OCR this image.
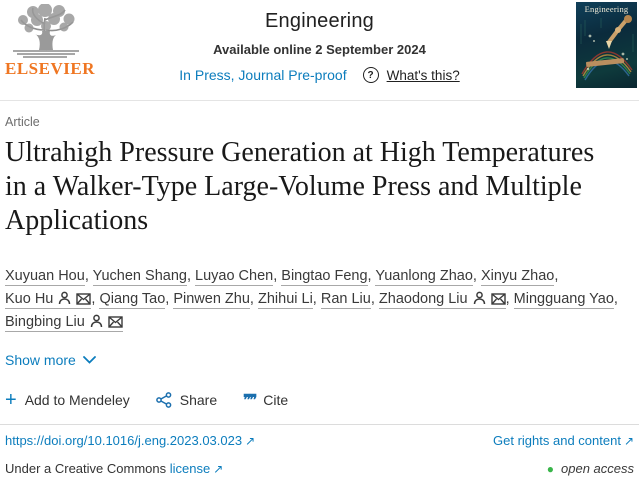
ELSEVIER
Engineering
Available online 2 September 2024
In Press, Journal Pre-proof	? What's this?
Engineering
Article
Ultrahigh Pressure Generation at High Temperatures in a Walker-Type Large-Volume Press and Multiple Applications
Xuyuan Hou, Yuchen Shang, Luyao Chen, Bingtao Feng, Yuanlong Zhao, Xinyu Zhao, Kuo Hu	, Qiang Tao, Pinwen Zhu, Zhihui Li, Ran Liu, Zhaodong Liu	, Mingguang Yao, Bingbing Liu
Show more
+ Add to Mendeley	Share ❞❞ Cite
https://doi.org/10.1016/j.eng.2023.03.023 ↗	Get rights and content ↗
Under a Creative Commons license ↗	● open access
